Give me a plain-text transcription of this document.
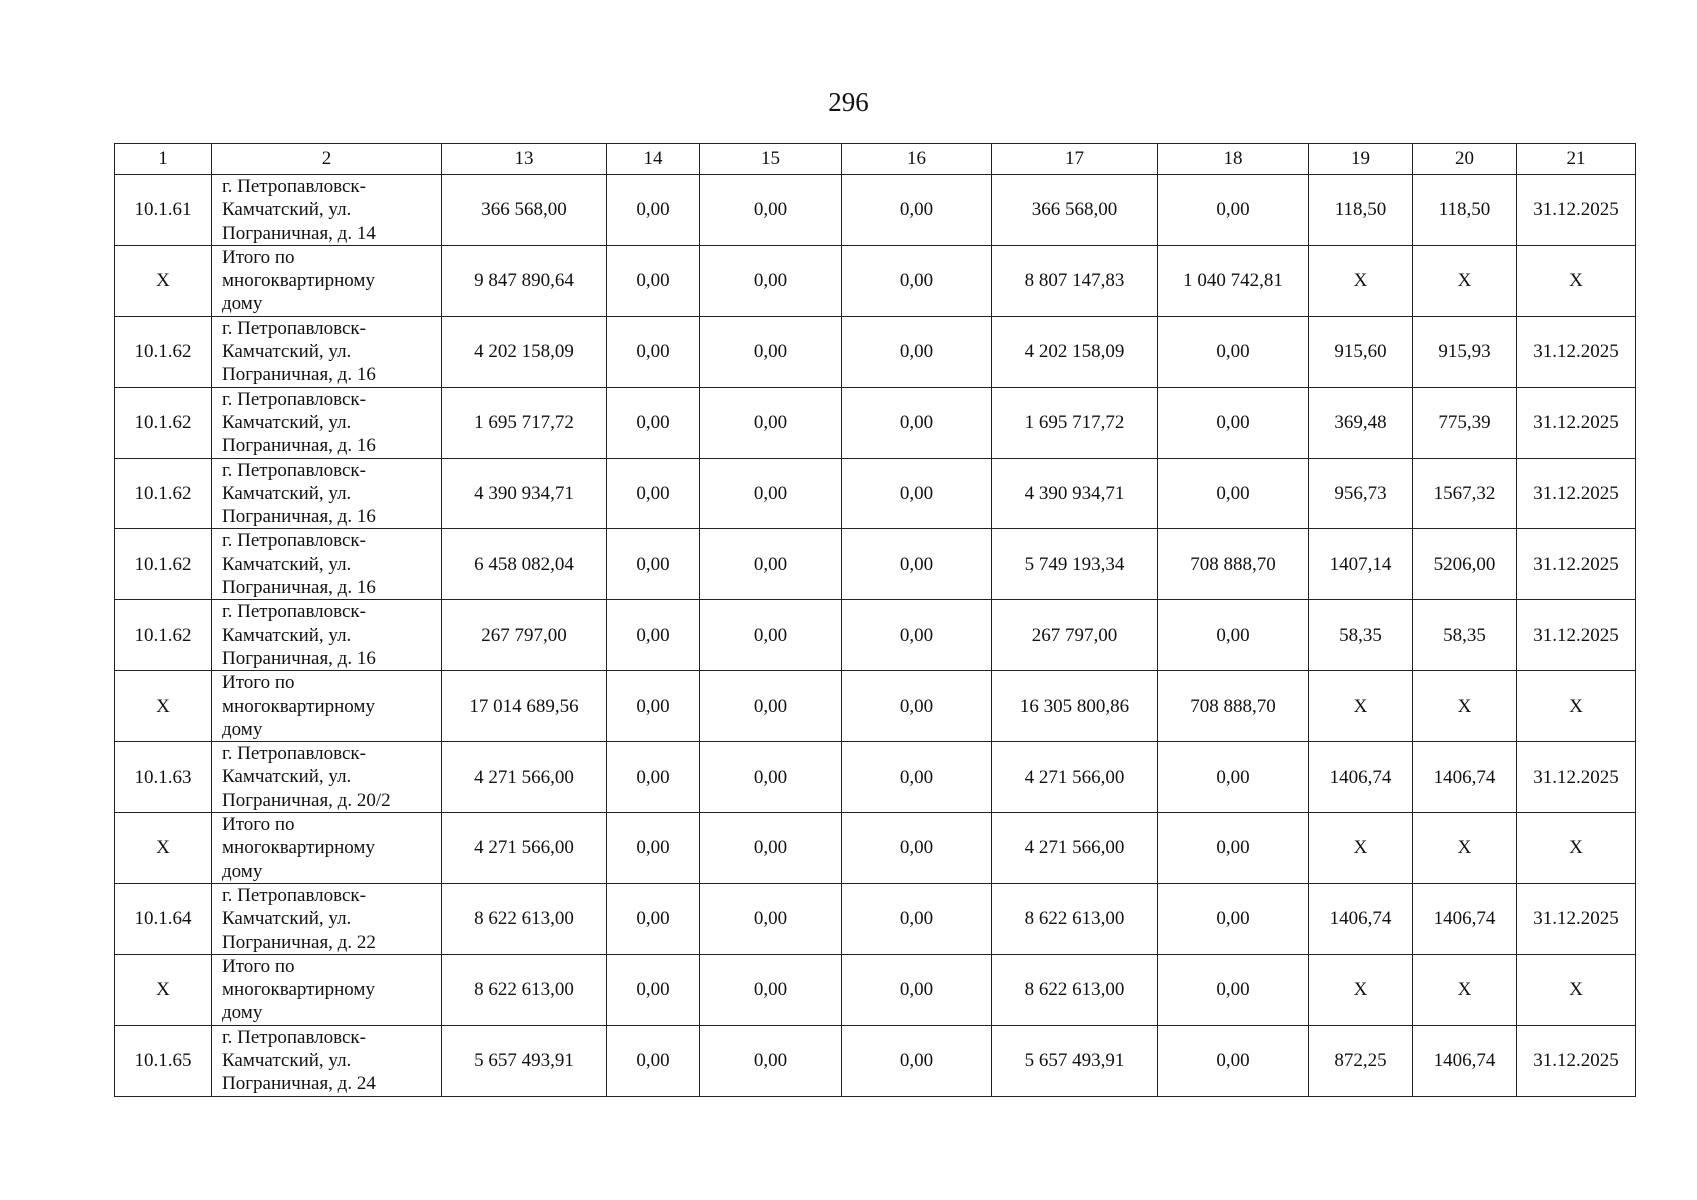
296
1	2	13	14	15	16	17	18	19	20	21
10.1.61	г. Петропавловск-
Камчатский, ул.
Пограничная, д. 14	366 568,00	0,00	0,00	0,00	366 568,00	0,00	118,50	118,50	31.12.2025
X	Итого по
многоквартирному
дому	9 847 890,64	0,00	0,00	0,00	8 807 147,83	1 040 742,81	X	X	X
10.1.62	г. Петропавловск-
Камчатский, ул.
Пограничная, д. 16	4 202 158,09	0,00	0,00	0,00	4 202 158,09	0,00	915,60	915,93	31.12.2025
10.1.62	г. Петропавловск-
Камчатский, ул.
Пограничная, д. 16	1 695 717,72	0,00	0,00	0,00	1 695 717,72	0,00	369,48	775,39	31.12.2025
10.1.62	г. Петропавловск-
Камчатский, ул.
Пограничная, д. 16	4 390 934,71	0,00	0,00	0,00	4 390 934,71	0,00	956,73	1567,32	31.12.2025
10.1.62	г. Петропавловск-
Камчатский, ул.
Пограничная, д. 16	6 458 082,04	0,00	0,00	0,00	5 749 193,34	708 888,70	1407,14	5206,00	31.12.2025
10.1.62	г. Петропавловск-
Камчатский, ул.
Пограничная, д. 16	267 797,00	0,00	0,00	0,00	267 797,00	0,00	58,35	58,35	31.12.2025
X	Итого по
многоквартирному
дому	17 014 689,56	0,00	0,00	0,00	16 305 800,86	708 888,70	X	X	X
10.1.63	г. Петропавловск-
Камчатский, ул.
Пограничная, д. 20/2	4 271 566,00	0,00	0,00	0,00	4 271 566,00	0,00	1406,74	1406,74	31.12.2025
X	Итого по
многоквартирному
дому	4 271 566,00	0,00	0,00	0,00	4 271 566,00	0,00	X	X	X
10.1.64	г. Петропавловск-
Камчатский, ул.
Пограничная, д. 22	8 622 613,00	0,00	0,00	0,00	8 622 613,00	0,00	1406,74	1406,74	31.12.2025
X	Итого по
многоквартирному
дому	8 622 613,00	0,00	0,00	0,00	8 622 613,00	0,00	X	X	X
10.1.65	г. Петропавловск-
Камчатский, ул.
Пограничная, д. 24	5 657 493,91	0,00	0,00	0,00	5 657 493,91	0,00	872,25	1406,74	31.12.2025
